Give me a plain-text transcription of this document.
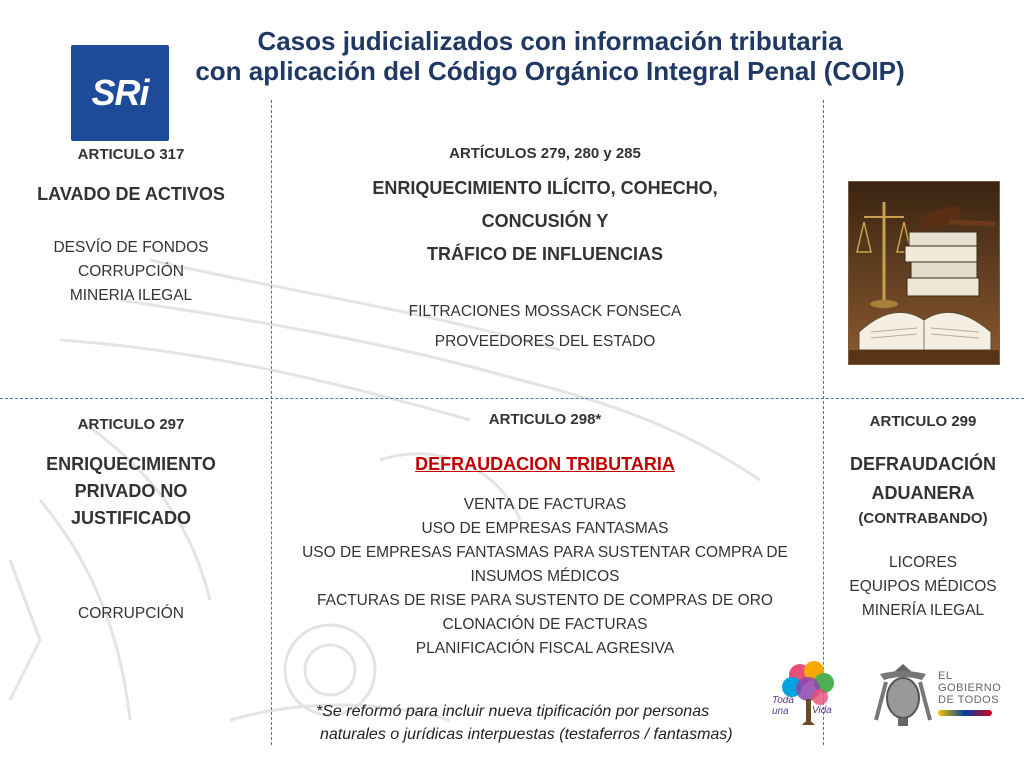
SRi
Casos judicializados con información tributaria
con aplicación del Código Orgánico Integral Penal (COIP)
ARTICULO 317
LAVADO DE ACTIVOS
DESVÍO DE FONDOS
CORRUPCIÓN
MINERIA ILEGAL
ARTÍCULOS 279, 280 y 285
ENRIQUECIMIENTO ILÍCITO, COHECHO,
CONCUSIÓN Y
TRÁFICO DE INFLUENCIAS
FILTRACIONES MOSSACK FONSECA
PROVEEDORES DEL ESTADO
ARTICULO 297
ENRIQUECIMIENTO
PRIVADO NO
JUSTIFICADO
CORRUPCIÓN
ARTICULO 298*
DEFRAUDACION TRIBUTARIA
VENTA DE FACTURAS
USO DE EMPRESAS FANTASMAS
USO DE EMPRESAS FANTASMAS PARA SUSTENTAR COMPRA DE
INSUMOS MÉDICOS
FACTURAS DE RISE PARA SUSTENTO DE COMPRAS DE ORO
CLONACIÓN DE FACTURAS
PLANIFICACIÓN FISCAL AGRESIVA
*Se reformó para incluir nueva tipificación por personas
naturales o jurídicas interpuestas (testaferros / fantasmas)
ARTICULO 299
DEFRAUDACIÓN
ADUANERA
(CONTRABANDO)
LICORES
EQUIPOS MÉDICOS
MINERÍA ILEGAL
Toda
una	Vida
EL
GOBIERNO
DE TODOS
